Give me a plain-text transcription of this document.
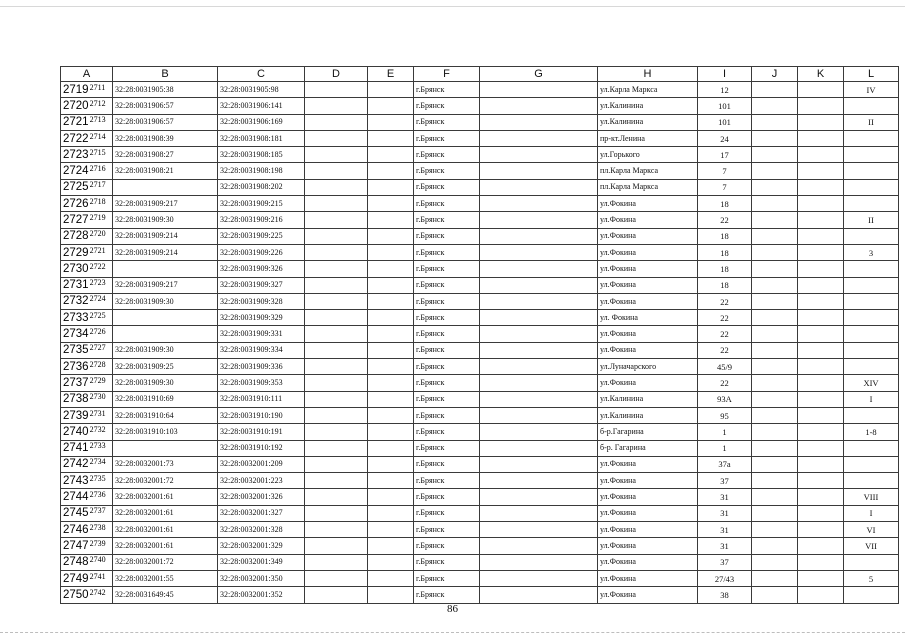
A	B	C	D	E	F	G	H	I	J	K	L
$2719^{2711}$	32:28:0031905:38	32:28:0031905:98			г.Брянск		ул.Карла Маркса	12			IV
$2720^{2712}$	32:28:0031906:57	32:28:0031906:141			г.Брянск		ул.Калинина	101			
$2721^{2713}$	32:28:0031906:57	32:28:0031906:169			г.Брянск		ул.Калинина	101			II
$2722^{2714}$	32:28:0031908:39	32:28:0031908:181			г.Брянск		пр-кт.Ленина	24			
$2723^{2715}$	32:28:0031908:27	32:28:0031908:185			г.Брянск		ул.Горького	17			
$2724^{2716}$	32:28:0031908:21	32:28:0031908:198			г.Брянск		пл.Карла Маркса	7			
$2725^{2717}$		32:28:0031908:202			г.Брянск		пл.Карла Маркса	7			
$2726^{2718}$	32:28:0031909:217	32:28:0031909:215			г.Брянск		ул.Фокина	18			
$2727^{2719}$	32:28:0031909:30	32:28:0031909:216			г.Брянск		ул.Фокина	22			II
$2728^{2720}$	32:28:0031909:214	32:28:0031909:225			г.Брянск		ул.Фокина	18			
$2729^{2721}$	32:28:0031909:214	32:28:0031909:226			г.Брянск		ул.Фокина	18			3
$2730^{2722}$		32:28:0031909:326			г.Брянск		ул.Фокина	18			
$2731^{2723}$	32:28:0031909:217	32:28:0031909:327			г.Брянск		ул.Фокина	18			
$2732^{2724}$	32:28:0031909:30	32:28:0031909:328			г.Брянск		ул.Фокина	22			
$2733^{2725}$		32:28:0031909:329			г.Брянск		ул. Фокина	22			
$2734^{2726}$		32:28:0031909:331			г.Брянск		ул.Фокина	22			
$2735^{2727}$	32:28:0031909:30	32:28:0031909:334			г.Брянск		ул.Фокина	22			
$2736^{2728}$	32:28:0031909:25	32:28:0031909:336			г.Брянск		ул.Луначарского	45/9			
$2737^{2729}$	32:28:0031909:30	32:28:0031909:353			г.Брянск		ул.Фокина	22			XIV
$2738^{2730}$	32:28:0031910:69	32:28:0031910:111			г.Брянск		ул.Калинина	93А			I
$2739^{2731}$	32:28:0031910:64	32:28:0031910:190			г.Брянск		ул.Калинина	95			
$2740^{2732}$	32:28:0031910:103	32:28:0031910:191			г.Брянск		б-р.Гагарина	1			1-8
$2741^{2733}$		32:28:0031910:192			г.Брянск		б-р. Гагарина	1			
$2742^{2734}$	32:28:0032001:73	32:28:0032001:209			г.Брянск		ул.Фокина	37а			
$2743^{2735}$	32:28:0032001:72	32:28:0032001:223			г.Брянск		ул.Фокина	37			
$2744^{2736}$	32:28:0032001:61	32:28:0032001:326			г.Брянск		ул.Фокина	31			VIII
$2745^{2737}$	32:28:0032001:61	32:28:0032001:327			г.Брянск		ул.Фокина	31			I
$2746^{2738}$	32:28:0032001:61	32:28:0032001:328			г.Брянск		ул.Фокина	31			VI
$2747^{2739}$	32:28:0032001:61	32:28:0032001:329			г.Брянск		ул.Фокина	31			VII
$2748^{2740}$	32:28:0032001:72	32:28:0032001:349			г.Брянск		ул.Фокина	37			
$2749^{2741}$	32:28:0032001:55	32:28:0032001:350			г.Брянск		ул.Фокина	27/43			5
$2750^{2742}$	32:28:0031649:45	32:28:0032001:352			г.Брянск		ул.Фокина	38			
86
